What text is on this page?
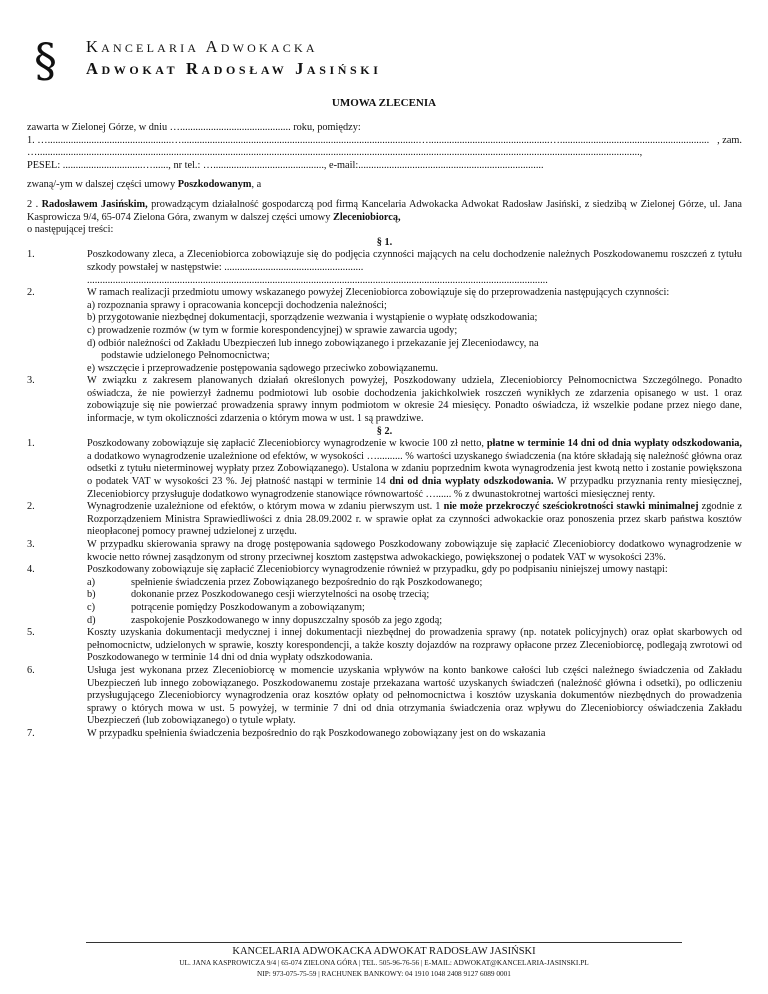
§ Kancelaria Adwokacka
Adwokat Radosław Jasiński
UMOWA ZLECENIA
zawarta w Zielonej Górze, w dniu …........................................... roku, pomiędzy:
1. …................................................…............................................................................................…...............................................….......................................................... , zam.
…..........................................................................................................................................................................................................................................,
PESEL: ...............................…......, nr tel.: …..........................................., e-mail:........................................................................
zwaną/-ym w dalszej części umowy Poszkodowanym, a
2 . Radosławem Jasińskim, prowadzącym działalność gospodarczą pod firmą Kancelaria Adwokacka Adwokat Radosław Jasiński, z siedzibą w Zielonej Górze, ul. Jana Kasprowicza 9/4, 65-074 Zielona Góra, zwanym w dalszej części umowy Zleceniobiorcą,
o następującej treści:
§ 1.
1.	Poszkodowany zleca, a Zleceniobiorca zobowiązuje się do podjęcia czynności mających na celu dochodzenie należnych Poszkodowanemu roszczeń z tytułu szkody powstałej w następstwie: ......................................................
...................................................................................................................................................................................
2.	W ramach realizacji przedmiotu umowy wskazanego powyżej Zleceniobiorca zobowiązuje się do przeprowadzenia następujących czynności:
a) rozpoznania sprawy i opracowania koncepcji dochodzenia należności;
b) przygotowanie niezbędnej dokumentacji, sporządzenie wezwania i wystąpienie o wypłatę odszkodowania;
c) prowadzenie rozmów (w tym w formie korespondencyjnej) w sprawie zawarcia ugody;
d) odbiór należności od Zakładu Ubezpieczeń lub innego zobowiązanego i przekazanie jej Zleceniodawcy, na
podstawie udzielonego Pełnomocnictwa;
e) wszczęcie i przeprowadzenie postępowania sądowego przeciwko zobowiązanemu.
3.	W związku z zakresem planowanych działań określonych powyżej, Poszkodowany udziela, Zleceniobiorcy Pełnomocnictwa Szczególnego. Ponadto oświadcza, że nie powierzył żadnemu podmiotowi lub osobie dochodzenia jakichkolwiek roszczeń wynikłych ze zdarzenia opisanego w ust. 1 oraz zobowiązuje się nie powierzać prowadzenia sprawy innym podmiotom w okresie 24 miesięcy. Ponadto oświadcza, iż wszelkie podane przez niego dane, informacje, w tym okoliczności zdarzenia o którym mowa w ust. 1 są prawdziwe.
§ 2.
1.	Poszkodowany zobowiązuje się zapłacić Zleceniobiorcy wynagrodzenie w kwocie 100 zł netto, płatne w terminie 14 dni od dnia wypłaty odszkodowania, a dodatkowo wynagrodzenie uzależnione od efektów, w wysokości ….......... % wartości uzyskanego świadczenia (na które składają się należność główna oraz odsetki z tytułu nieterminowej wypłaty przez Zobowiązanego). Ustalona w zdaniu poprzednim kwota wynagrodzenia jest kwotą netto i zostanie powiększona o podatek VAT w wysokości 23 %. Jej płatność nastąpi w terminie 14 dni od dnia wypłaty odszkodowania. W przypadku przyznania renty miesięcznej, Zleceniobiorcy przysługuje dodatkowo wynagrodzenie stanowiące równowartość …...... % z dwunastokrotnej wartości miesięcznej renty.
2.	Wynagrodzenie uzależnione od efektów, o którym mowa w zdaniu pierwszym ust. 1 nie może przekroczyć sześciokrotności stawki minimalnej zgodnie z Rozporządzeniem Ministra Sprawiedliwości z dnia 28.09.2002 r. w sprawie opłat za czynności adwokackie oraz ponoszenia przez skarb państwa kosztów nieopłaconej pomocy prawnej udzielonej z urzędu.
3.	W przypadku skierowania sprawy na drogę postępowania sądowego Poszkodowany zobowiązuje się zapłacić Zleceniobiorcy dodatkowo wynagrodzenie w kwocie netto równej zasądzonym od strony przeciwnej kosztom zastępstwa adwokackiego, powiększonej o podatek VAT w wysokości 23%.
4.	Poszkodowany zobowiązuje się zapłacić Zleceniobiorcy wynagrodzenie również w przypadku, gdy po podpisaniu niniejszej umowy nastąpi:
a)	spełnienie świadczenia przez Zobowiązanego bezpośrednio do rąk Poszkodowanego;
b)	dokonanie przez Poszkodowanego cesji wierzytelności na osobę trzecią;
c)	potrącenie pomiędzy Poszkodowanym a zobowiązanym;
d)	zaspokojenie Poszkodowanego w inny dopuszczalny sposób za jego zgodą;
5.	Koszty uzyskania dokumentacji medycznej i innej dokumentacji niezbędnej do prowadzenia sprawy (np. notatek policyjnych) oraz opłat skarbowych od pełnomocnictw, udzielonych w sprawie, koszty korespondencji, a także koszty dojazdów na rozprawy opłacone przez Zleceniobiorcę, podlegają zwrotowi od Poszkodowanego w terminie 14 dni od dnia wypłaty odszkodowania.
6.	Usługa jest wykonana przez Zleceniobiorcę w momencie uzyskania wpływów na konto bankowe całości lub części należnego świadczenia od Zakładu Ubezpieczeń lub innego zobowiązanego. Poszkodowanemu zostaje przekazana wartość uzyskanych świadczeń (należność główna i odsetki), po odliczeniu przysługującego Zleceniobiorcy wynagrodzenia oraz kosztów opłaty od pełnomocnictwa i kosztów uzyskania dokumentów niezbędnych do prowadzenia sprawy o których mowa w ust. 5 powyżej, w terminie 7 dni od dnia otrzymania świadczenia oraz wpływu do Zleceniobiorcy oświadczenia Zakładu Ubezpieczeń (lub zobowiązanego) o tytule wpłaty.
7.	W przypadku spełnienia świadczenia bezpośrednio do rąk Poszkodowanego zobowiązany jest on do wskazania
KANCELARIA ADWOKACKA ADWOKAT RADOSŁAW JASIŃSKI
UL. JANA KASPROWICZA 9/4 | 65-074 ZIELONA GÓRA | TEL. 505-96-76-56 | E-MAIL: ADWOKAT@KANCELARIA-JASINSKI.PL
NIP: 973-075-75-59 | RACHUNEK BANKOWY: 04 1910 1048 2408 9127 6089 0001
